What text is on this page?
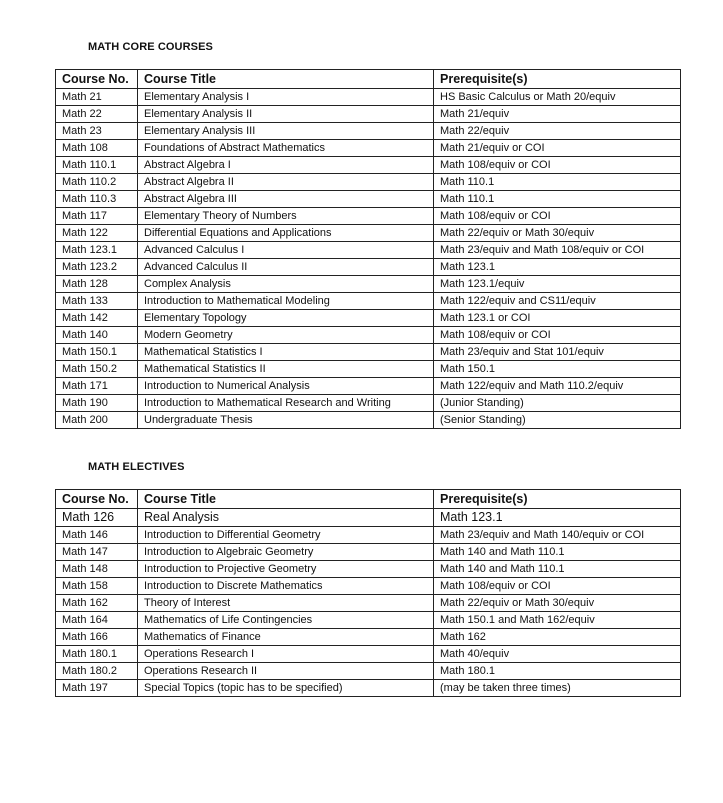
MATH CORE COURSES
Course No.	Course Title	Prerequisite(s)
Math 21	Elementary Analysis I	HS Basic Calculus or Math 20/equiv
Math 22	Elementary Analysis II	Math 21/equiv
Math 23	Elementary Analysis III	Math 22/equiv
Math 108	Foundations of Abstract Mathematics	Math 21/equiv or COI
Math 110.1	Abstract Algebra I	Math 108/equiv or COI
Math 110.2	Abstract Algebra II	Math 110.1
Math 110.3	Abstract Algebra III	Math 110.1
Math 117	Elementary Theory of Numbers	Math 108/equiv or COI
Math 122	Differential Equations and Applications	Math 22/equiv or Math 30/equiv
Math 123.1	Advanced Calculus I	Math 23/equiv and Math 108/equiv or COI
Math 123.2	Advanced Calculus II	Math 123.1
Math 128	Complex Analysis	Math 123.1/equiv
Math 133	Introduction to Mathematical Modeling	Math 122/equiv and CS11/equiv
Math 142	Elementary Topology	Math 123.1 or COI
Math 140	Modern Geometry	Math 108/equiv or COI
Math 150.1	Mathematical Statistics I	Math 23/equiv and Stat 101/equiv
Math 150.2	Mathematical Statistics II	Math 150.1
Math 171	Introduction to Numerical Analysis	Math 122/equiv and Math 110.2/equiv
Math 190	Introduction to Mathematical Research and Writing	(Junior Standing)
Math 200	Undergraduate Thesis	(Senior Standing)
MATH ELECTIVES
Course No.	Course Title	Prerequisite(s)
Math 126	Real Analysis	Math 123.1
Math 146	Introduction to Differential Geometry	Math 23/equiv and Math 140/equiv or COI
Math 147	Introduction to Algebraic Geometry	Math 140 and Math 110.1
Math 148	Introduction to Projective Geometry	Math 140 and Math 110.1
Math 158	Introduction to Discrete Mathematics	Math 108/equiv or COI
Math 162	Theory of Interest	Math 22/equiv or Math 30/equiv
Math 164	Mathematics of Life Contingencies	Math 150.1 and Math 162/equiv
Math 166	Mathematics of Finance	Math 162
Math 180.1	Operations Research I	Math 40/equiv
Math 180.2	Operations Research II	Math 180.1
Math 197	Special Topics (topic has to be specified)	(may be taken three times)
